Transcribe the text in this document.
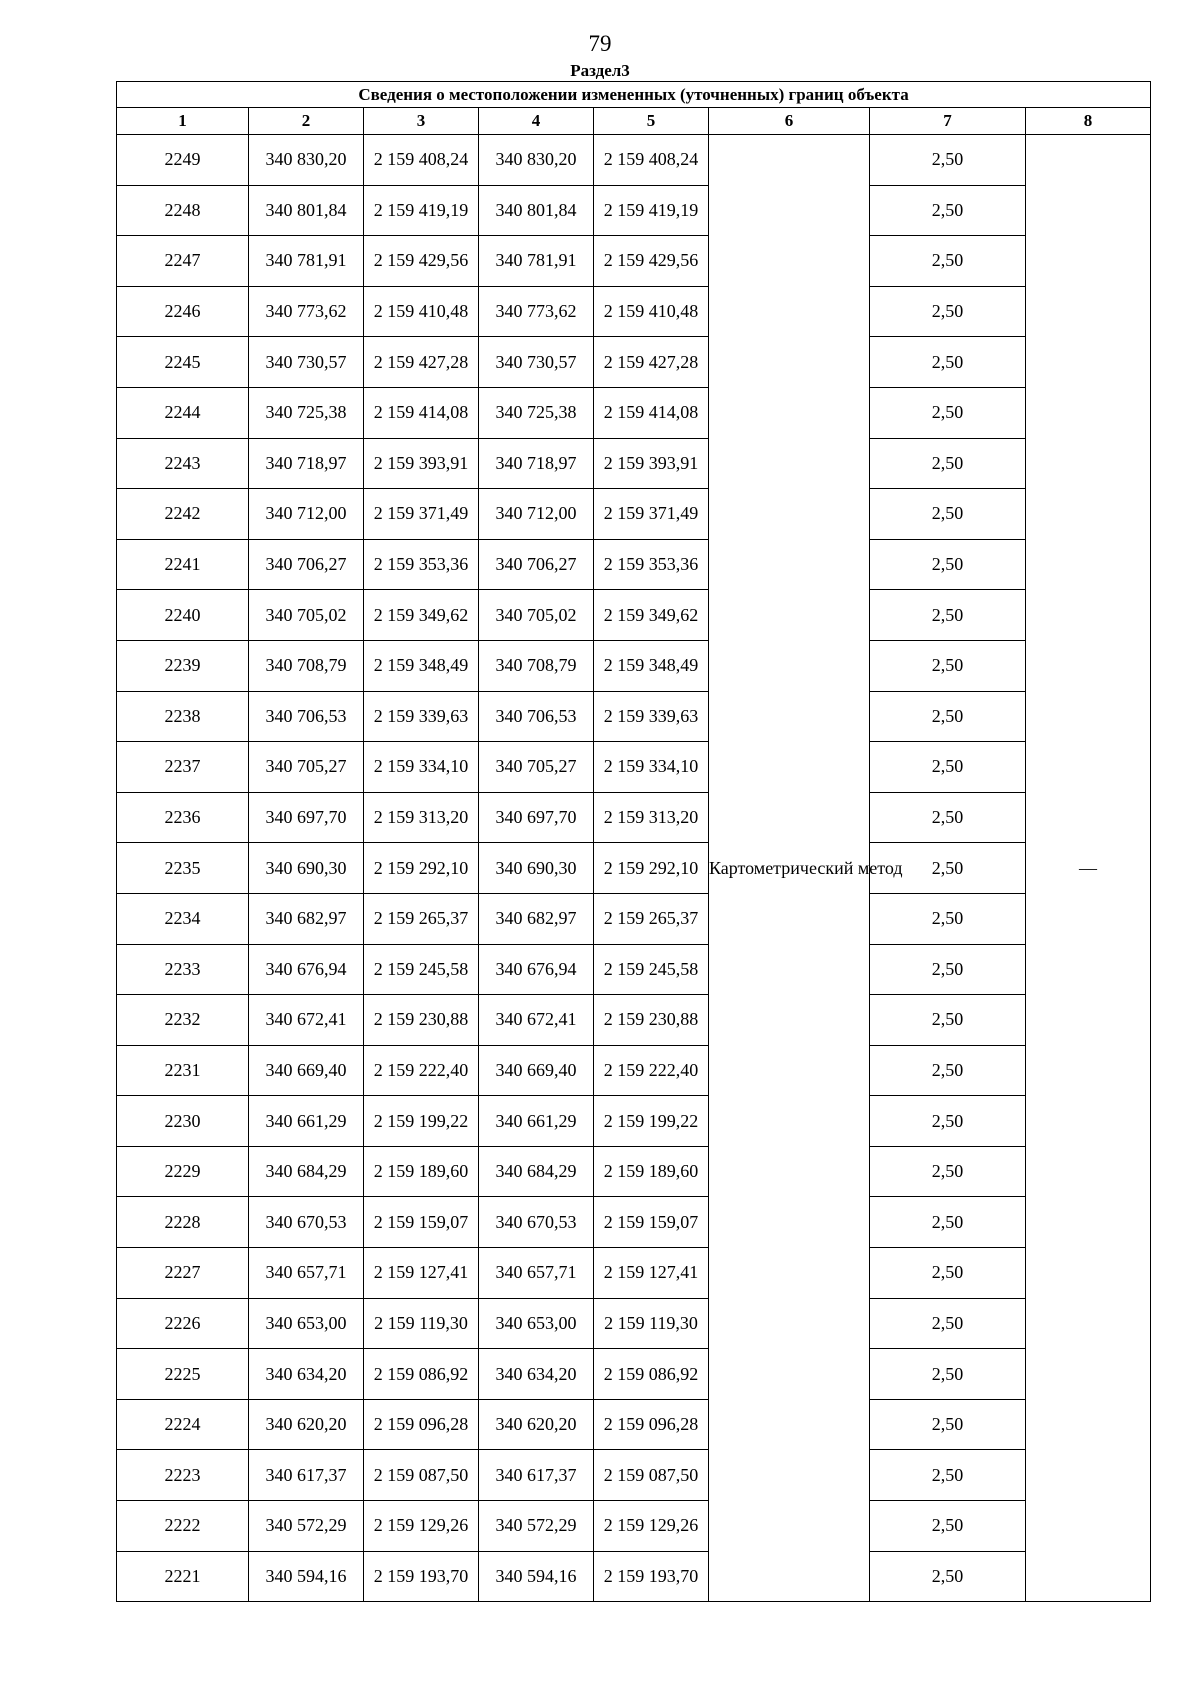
79
Раздел3
Сведения о местоположении измененных (уточненных) границ объекта							
1	2	3	4	5	6	7	8
2249	340 830,20	2 159 408,24	340 830,20	2 159 408,24	Картометрический метод	2,50	—
2248	340 801,84	2 159 419,19	340 801,84	2 159 419,19		2,50	
2247	340 781,91	2 159 429,56	340 781,91	2 159 429,56		2,50	
2246	340 773,62	2 159 410,48	340 773,62	2 159 410,48		2,50	
2245	340 730,57	2 159 427,28	340 730,57	2 159 427,28		2,50	
2244	340 725,38	2 159 414,08	340 725,38	2 159 414,08		2,50	
2243	340 718,97	2 159 393,91	340 718,97	2 159 393,91		2,50	
2242	340 712,00	2 159 371,49	340 712,00	2 159 371,49		2,50	
2241	340 706,27	2 159 353,36	340 706,27	2 159 353,36		2,50	
2240	340 705,02	2 159 349,62	340 705,02	2 159 349,62		2,50	
2239	340 708,79	2 159 348,49	340 708,79	2 159 348,49		2,50	
2238	340 706,53	2 159 339,63	340 706,53	2 159 339,63		2,50	
2237	340 705,27	2 159 334,10	340 705,27	2 159 334,10		2,50	
2236	340 697,70	2 159 313,20	340 697,70	2 159 313,20		2,50	
2235	340 690,30	2 159 292,10	340 690,30	2 159 292,10		2,50	
2234	340 682,97	2 159 265,37	340 682,97	2 159 265,37		2,50	
2233	340 676,94	2 159 245,58	340 676,94	2 159 245,58		2,50	
2232	340 672,41	2 159 230,88	340 672,41	2 159 230,88		2,50	
2231	340 669,40	2 159 222,40	340 669,40	2 159 222,40		2,50	
2230	340 661,29	2 159 199,22	340 661,29	2 159 199,22		2,50	
2229	340 684,29	2 159 189,60	340 684,29	2 159 189,60		2,50	
2228	340 670,53	2 159 159,07	340 670,53	2 159 159,07		2,50	
2227	340 657,71	2 159 127,41	340 657,71	2 159 127,41		2,50	
2226	340 653,00	2 159 119,30	340 653,00	2 159 119,30		2,50	
2225	340 634,20	2 159 086,92	340 634,20	2 159 086,92		2,50	
2224	340 620,20	2 159 096,28	340 620,20	2 159 096,28		2,50	
2223	340 617,37	2 159 087,50	340 617,37	2 159 087,50		2,50	
2222	340 572,29	2 159 129,26	340 572,29	2 159 129,26		2,50	
2221	340 594,16	2 159 193,70	340 594,16	2 159 193,70		2,50	
